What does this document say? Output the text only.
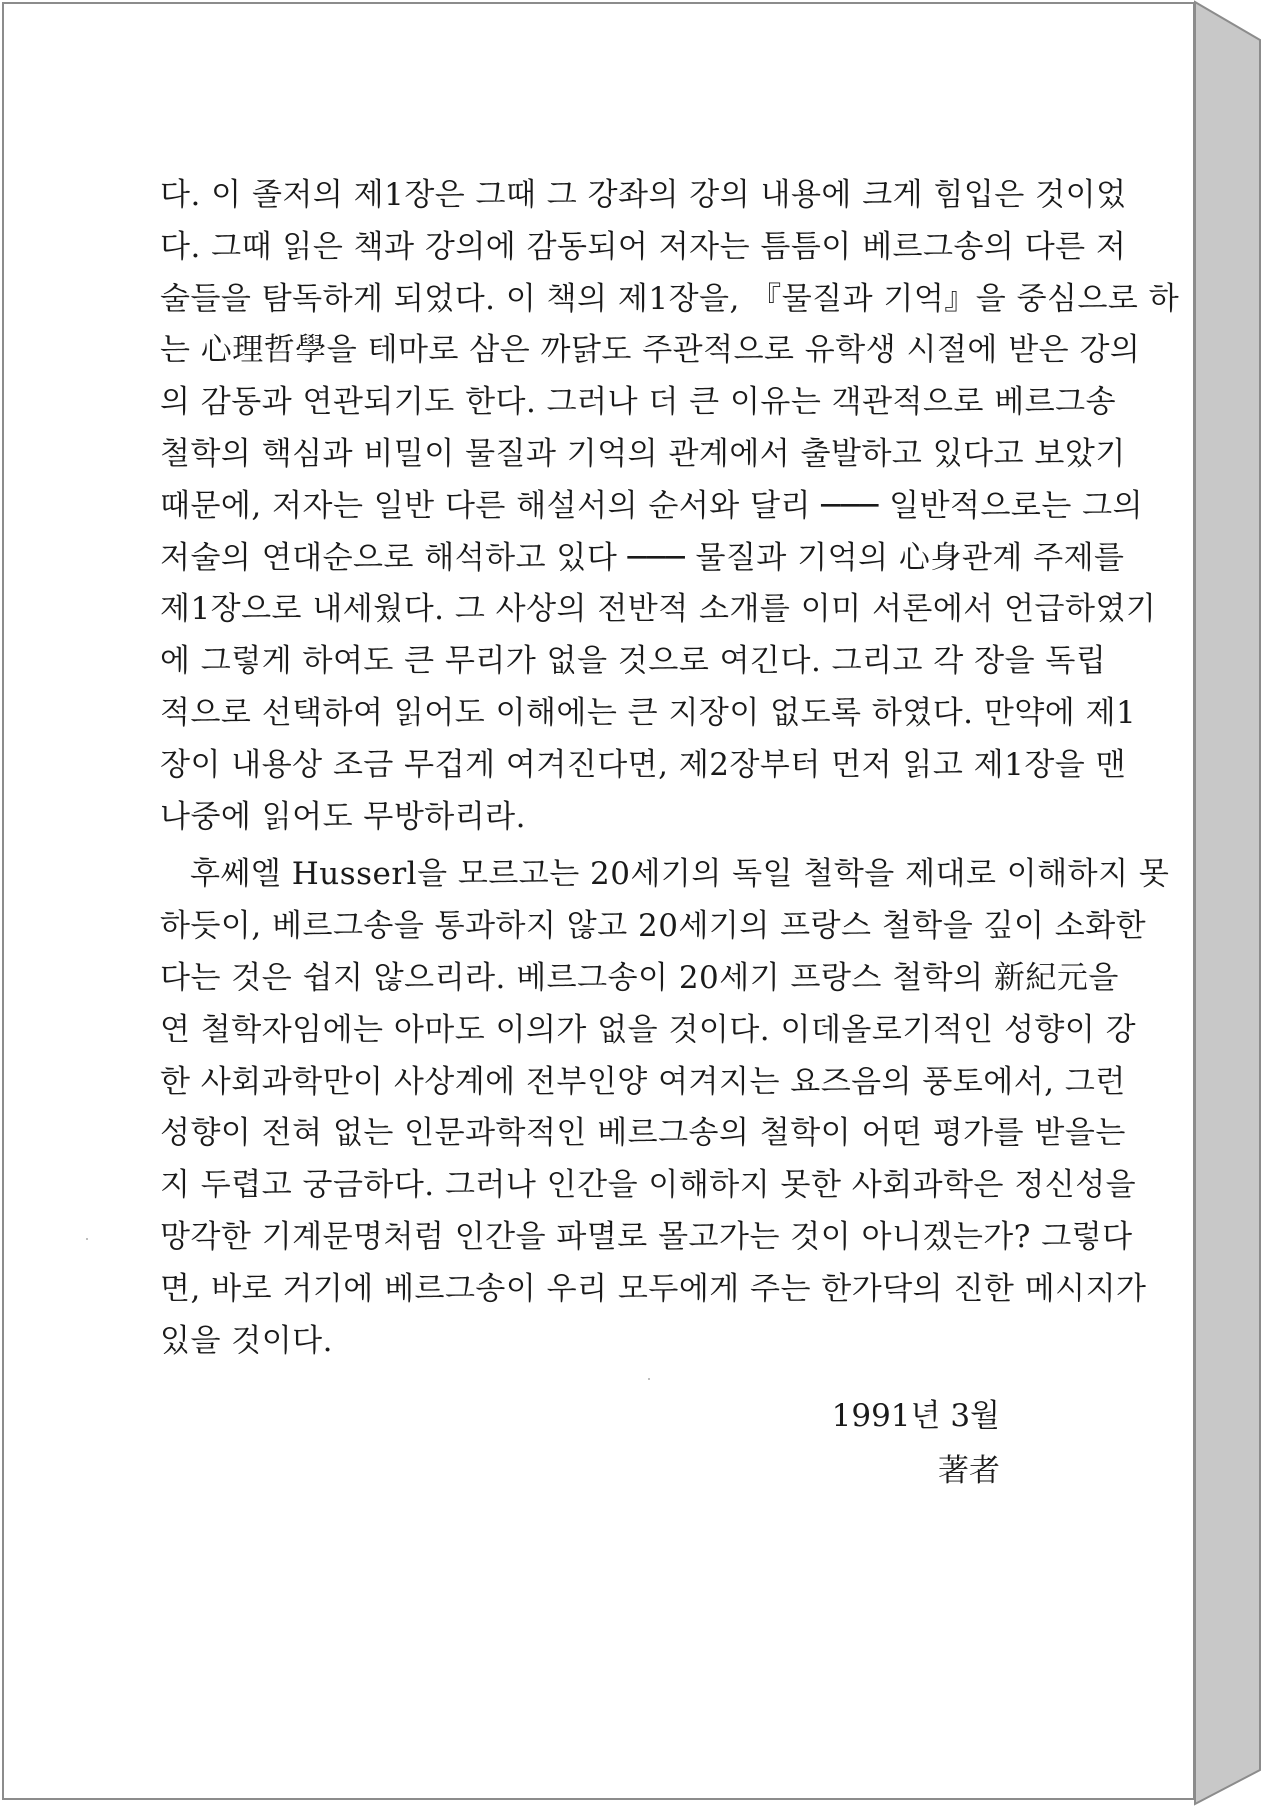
다. 이 졸저의 제1장은 그때 그 강좌의 강의 내용에 크게 힘입은 것이었
다. 그때 읽은 책과 강의에 감동되어 저자는 틈틈이 베르그송의 다른 저
술들을 탐독하게 되었다. 이 책의 제1장을, 『물질과 기억』을 중심으로 하
는 心理哲學을 테마로 삼은 까닭도 주관적으로 유학생 시절에 받은 강의
의 감동과 연관되기도 한다. 그러나 더 큰 이유는 객관적으로 베르그송
철학의 핵심과 비밀이 물질과 기억의 관계에서 출발하고 있다고 보았기
때문에, 저자는 일반 다른 해설서의 순서와 달리 ─── 일반적으로는 그의
저술의 연대순으로 해석하고 있다 ─── 물질과 기억의 心身관계 주제를
제1장으로 내세웠다. 그 사상의 전반적 소개를 이미 서론에서 언급하였기
에 그렇게 하여도 큰 무리가 없을 것으로 여긴다. 그리고 각 장을 독립
적으로 선택하여 읽어도 이해에는 큰 지장이 없도록 하였다. 만약에 제1
장이 내용상 조금 무겁게 여겨진다면, 제2장부터 먼저 읽고 제1장을 맨
나중에 읽어도 무방하리라.
후쎄엘 Husserl을 모르고는 20세기의 독일 철학을 제대로 이해하지 못
하듯이, 베르그송을 통과하지 않고 20세기의 프랑스 철학을 깊이 소화한
다는 것은 쉽지 않으리라. 베르그송이 20세기 프랑스 철학의 新紀元을
연 철학자임에는 아마도 이의가 없을 것이다. 이데올로기적인 성향이 강
한 사회과학만이 사상계에 전부인양 여겨지는 요즈음의 풍토에서, 그런
성향이 전혀 없는 인문과학적인 베르그송의 철학이 어떤 평가를 받을는
지 두렵고 궁금하다. 그러나 인간을 이해하지 못한 사회과학은 정신성을
망각한 기계문명처럼 인간을 파멸로 몰고가는 것이 아니겠는가? 그렇다
면, 바로 거기에 베르그송이 우리 모두에게 주는 한가닥의 진한 메시지가
있을 것이다.
1991년 3월
著者
